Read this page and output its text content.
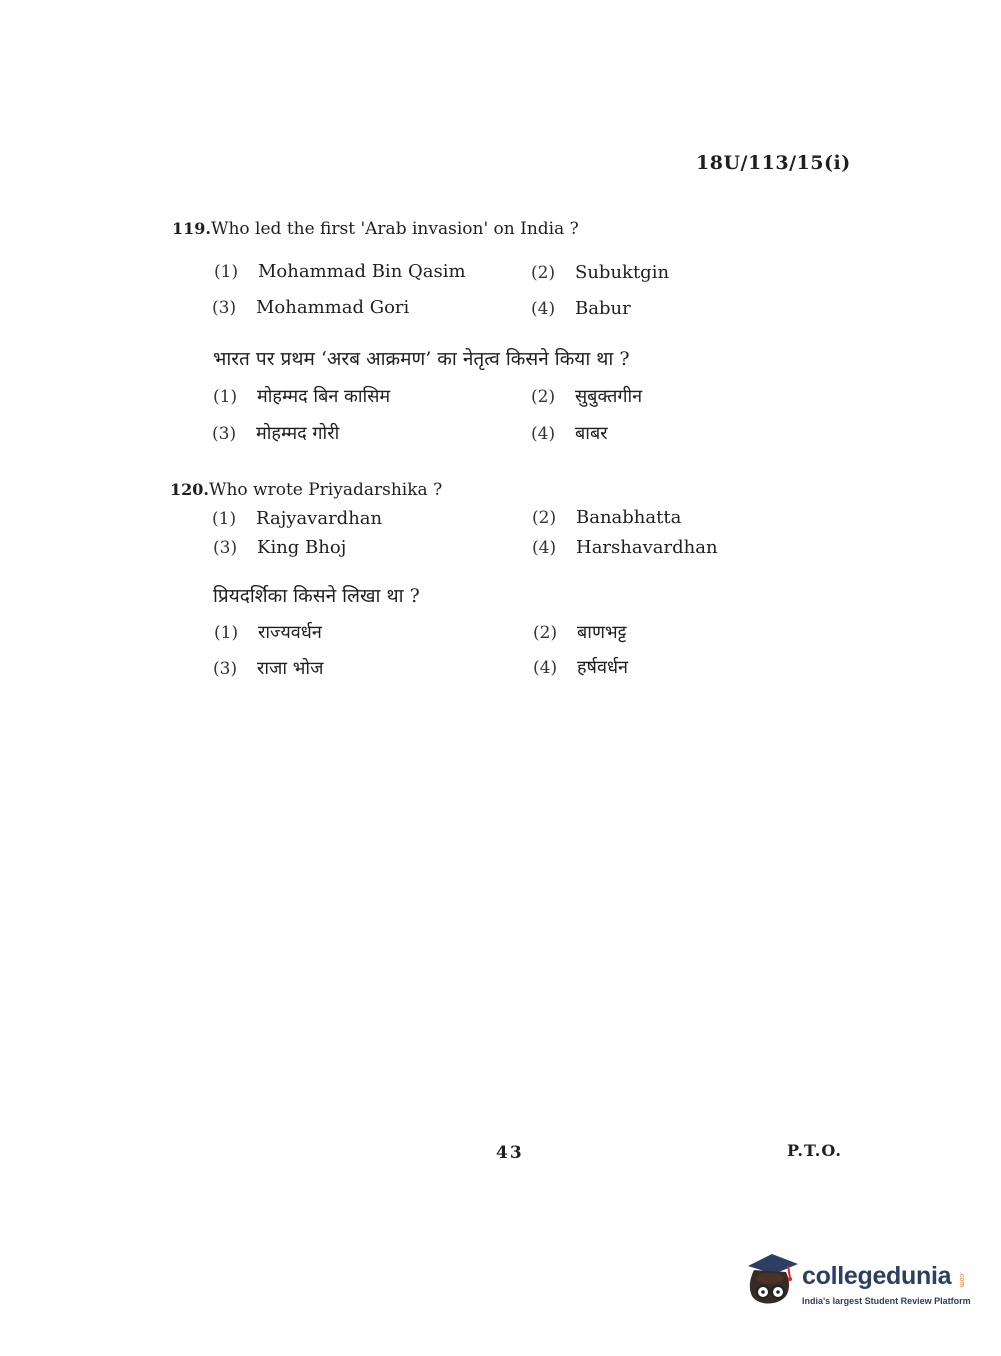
18U/113/15(i)
119.Who led the first 'Arab invasion' on India ?
(1) Mohammad Bin Qasim	(2) Subuktgin
(3) Mohammad Gori	(4) Babur
भारत पर प्रथम ‘अरब आक्रमण’ का नेतृत्व किसने किया था ?
(1) मोहम्मद बिन कासिम	(2) सुबुक्तगीन
(3) मोहम्मद गोरी	(4) बाबर
120.Who wrote Priyadarshika ?
(1) Rajyavardhan	(2) Banabhatta
(3) King Bhoj	(4) Harshavardhan
प्रियदर्शिका किसने लिखा था ?
(1) राज्यवर्धन	(2) बाणभट्ट
(3) राजा भोज	(4) हर्षवर्धन
43	P.T.O.
collegedunia .com
India's largest Student Review Platform
